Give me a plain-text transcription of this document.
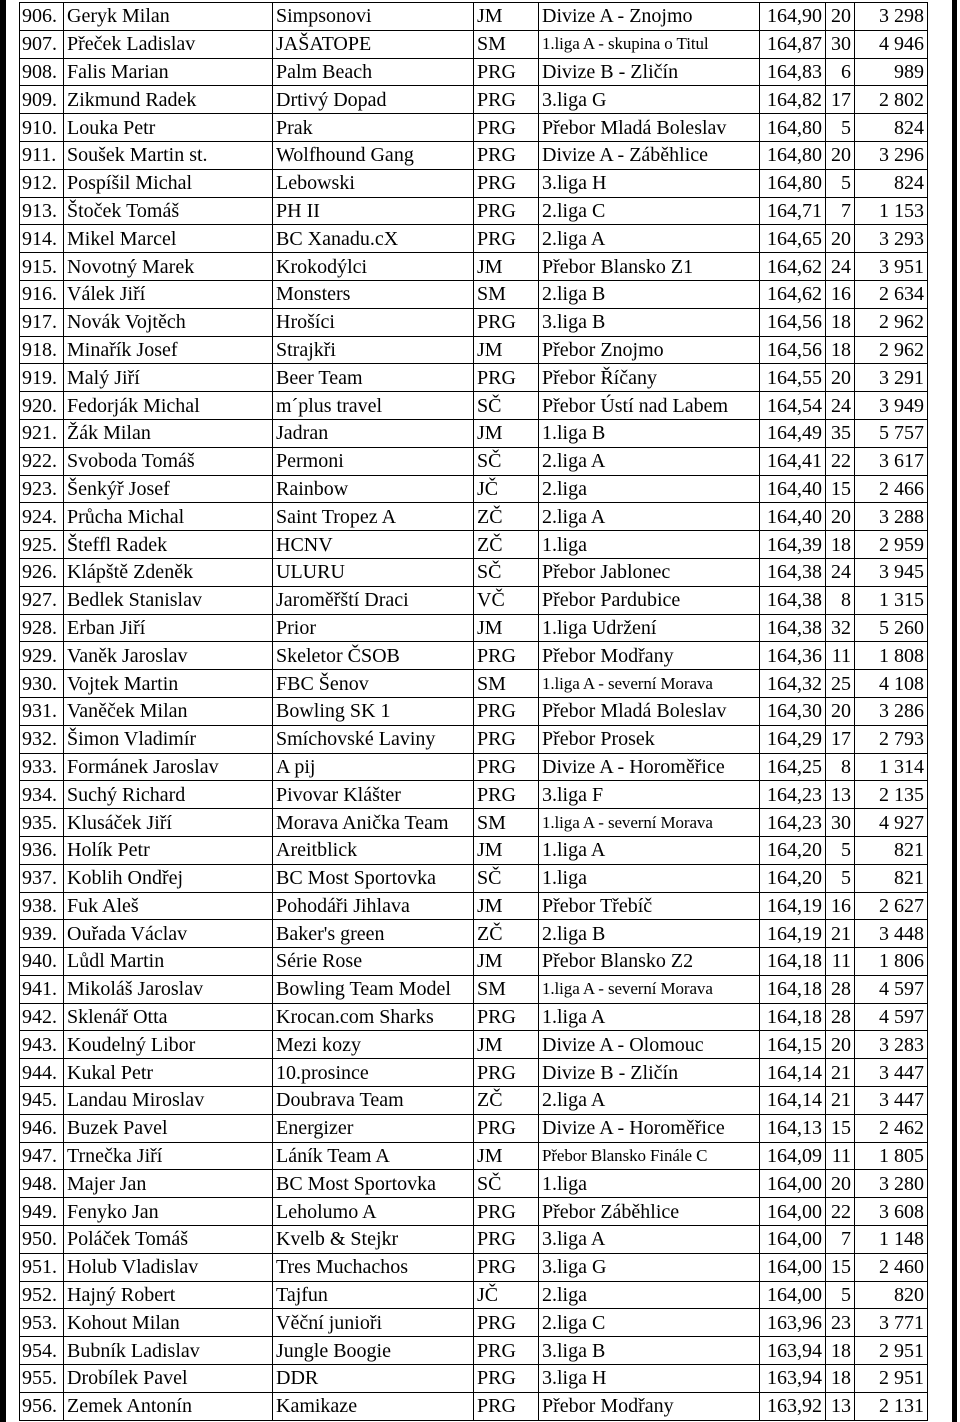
906.	Geryk Milan	Simpsonovi	JM	Divize A - Znojmo	164,90	20	3 298
907.	Přeček Ladislav	JAŠATOPE	SM	1.liga A - skupina o Titul	164,87	30	4 946
908.	Falis Marian	Palm Beach	PRG	Divize B - Zličín	164,83	6	989
909.	Zikmund Radek	Drtivý Dopad	PRG	3.liga G	164,82	17	2 802
910.	Louka Petr	Prak	PRG	Přebor Mladá Boleslav	164,80	5	824
911.	Soušek Martin st.	Wolfhound Gang	PRG	Divize A - Záběhlice	164,80	20	3 296
912.	Pospíšil Michal	Lebowski	PRG	3.liga H	164,80	5	824
913.	Štoček Tomáš	PH II	PRG	2.liga C	164,71	7	1 153
914.	Mikel Marcel	BC Xanadu.cX	PRG	2.liga A	164,65	20	3 293
915.	Novotný Marek	Krokodýlci	JM	Přebor Blansko Z1	164,62	24	3 951
916.	Válek Jiří	Monsters	SM	2.liga B	164,62	16	2 634
917.	Novák Vojtěch	Hrošíci	PRG	3.liga B	164,56	18	2 962
918.	Minařík Josef	Strajkři	JM	Přebor Znojmo	164,56	18	2 962
919.	Malý Jiří	Beer Team	PRG	Přebor Říčany	164,55	20	3 291
920.	Fedorják Michal	m´plus travel	SČ	Přebor Ústí nad Labem	164,54	24	3 949
921.	Žák Milan	Jadran	JM	1.liga B	164,49	35	5 757
922.	Svoboda Tomáš	Permoni	SČ	2.liga A	164,41	22	3 617
923.	Šenkýř Josef	Rainbow	JČ	2.liga	164,40	15	2 466
924.	Průcha Michal	Saint Tropez A	ZČ	2.liga A	164,40	20	3 288
925.	Šteffl Radek	HCNV	ZČ	1.liga	164,39	18	2 959
926.	Klápště Zdeněk	ULURU	SČ	Přebor Jablonec	164,38	24	3 945
927.	Bedlek Stanislav	Jaroměřští Draci	VČ	Přebor Pardubice	164,38	8	1 315
928.	Erban Jiří	Prior	JM	1.liga Udržení	164,38	32	5 260
929.	Vaněk Jaroslav	Skeletor ČSOB	PRG	Přebor Modřany	164,36	11	1 808
930.	Vojtek Martin	FBC Šenov	SM	1.liga A - severní Morava	164,32	25	4 108
931.	Vaněček Milan	Bowling SK 1	PRG	Přebor Mladá Boleslav	164,30	20	3 286
932.	Šimon Vladimír	Smíchovské Laviny	PRG	Přebor Prosek	164,29	17	2 793
933.	Formánek Jaroslav	A pij	PRG	Divize A - Horoměřice	164,25	8	1 314
934.	Suchý Richard	Pivovar Klášter	PRG	3.liga F	164,23	13	2 135
935.	Klusáček Jiří	Morava Anička Team	SM	1.liga A - severní Morava	164,23	30	4 927
936.	Holík Petr	Areitblick	JM	1.liga A	164,20	5	821
937.	Koblih Ondřej	BC Most Sportovka	SČ	1.liga	164,20	5	821
938.	Fuk Aleš	Pohodáři Jihlava	JM	Přebor Třebíč	164,19	16	2 627
939.	Ouřada Václav	Baker's green	ZČ	2.liga B	164,19	21	3 448
940.	Lůdl Martin	Série Rose	JM	Přebor Blansko Z2	164,18	11	1 806
941.	Mikoláš Jaroslav	Bowling Team Model	SM	1.liga A - severní Morava	164,18	28	4 597
942.	Sklenář Otta	Krocan.com Sharks	PRG	1.liga A	164,18	28	4 597
943.	Koudelný Libor	Mezi kozy	JM	Divize A - Olomouc	164,15	20	3 283
944.	Kukal Petr	10.prosince	PRG	Divize B - Zličín	164,14	21	3 447
945.	Landau Miroslav	Doubrava Team	ZČ	2.liga A	164,14	21	3 447
946.	Buzek Pavel	Energizer	PRG	Divize A - Horoměřice	164,13	15	2 462
947.	Trnečka Jiří	Láník Team A	JM	Přebor Blansko Finále C	164,09	11	1 805
948.	Majer Jan	BC Most Sportovka	SČ	1.liga	164,00	20	3 280
949.	Fenyko Jan	Leholumo A	PRG	Přebor Záběhlice	164,00	22	3 608
950.	Poláček Tomáš	Kvelb & Stejkr	PRG	3.liga A	164,00	7	1 148
951.	Holub Vladislav	Tres Muchachos	PRG	3.liga G	164,00	15	2 460
952.	Hajný Robert	Tajfun	JČ	2.liga	164,00	5	820
953.	Kohout Milan	Věční junioři	PRG	2.liga C	163,96	23	3 771
954.	Bubník Ladislav	Jungle Boogie	PRG	3.liga B	163,94	18	2 951
955.	Drobílek Pavel	DDR	PRG	3.liga H	163,94	18	2 951
956.	Zemek Antonín	Kamikaze	PRG	Přebor Modřany	163,92	13	2 131
